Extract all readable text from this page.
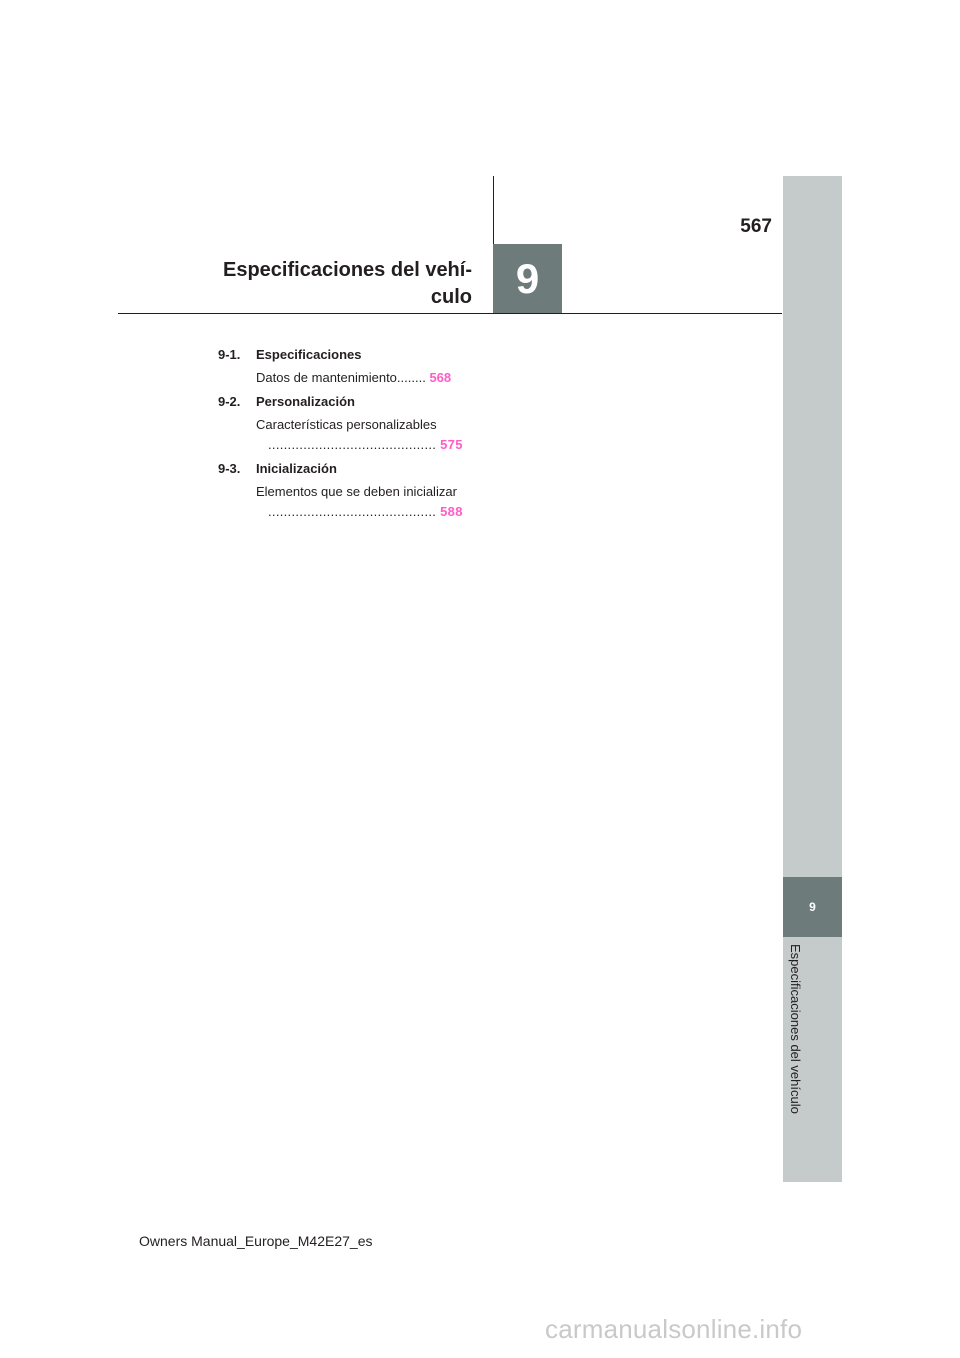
9
Especificaciones del vehículo
9
567
Especificaciones del vehí-
culo
9-1. Especificaciones
Datos de mantenimiento........ 568
9-2. Personalización
Características personalizables
........................................... 575
9-3. Inicialización
Elementos que se deben inicializar
........................................... 588
Owners Manual_Europe_M42E27_es
carmanualsonline.info
